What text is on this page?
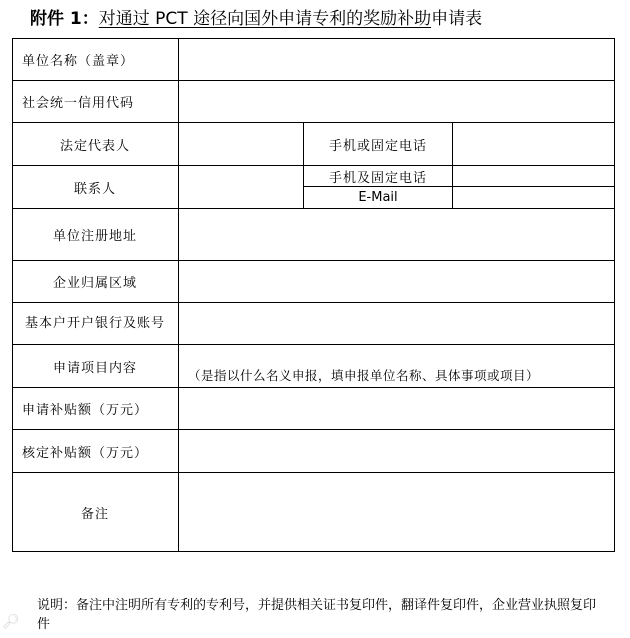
附件 1：对通过 PCT 途径向国外申请专利的奖励补助申请表
单位名称（盖章）
社会统一信用代码
法定代表人	手机或固定电话
联系人
手机及固定电话
E-Mail
单位注册地址
企业归属区域
基本户开户银行及账号
申请项目内容	（是指以什么名义申报，填申报单位名称、具体事项或项目）
申请补贴额（万元）
核定补贴额（万元）
备注
说明：备注中注明所有专利的专利号，并提供相关证书复印件，翻译件复印件，企业营业执照复印件
🔎︎
